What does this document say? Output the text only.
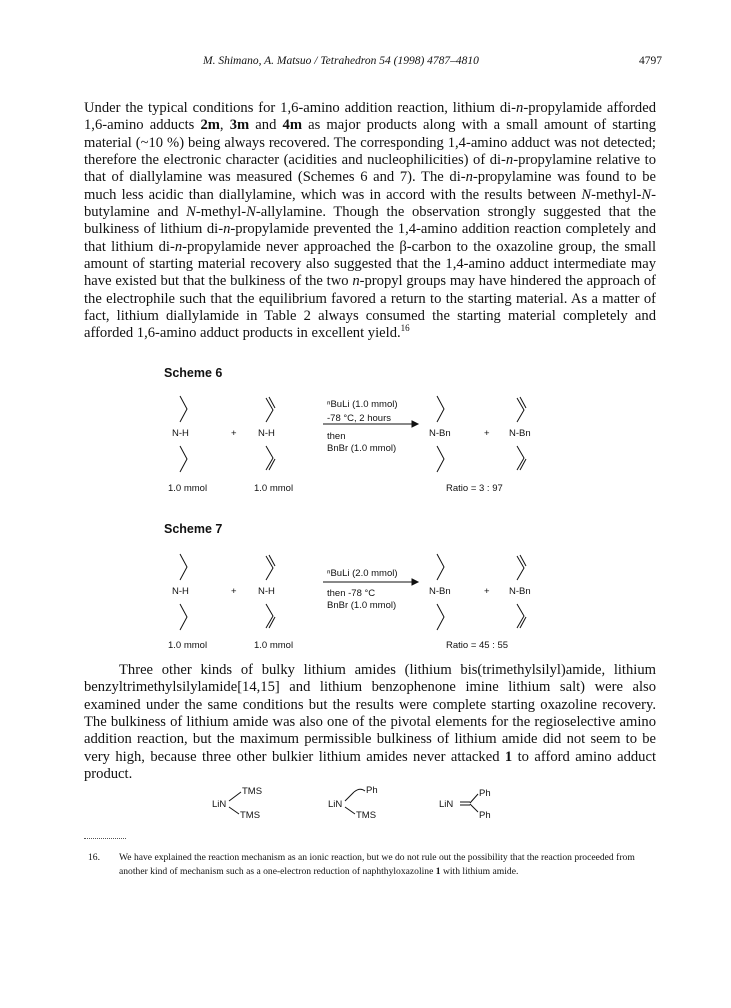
M. Shimano, A. Matsuo / Tetrahedron 54 (1998) 4787–4810	4797

Under the typical conditions for 1,6-amino addition reaction, lithium di-n-propylamide afforded 1,6-amino adducts 2m, 3m and 4m as major products along with a small amount of starting material (~10 %) being always recovered. The corresponding 1,4-amino adduct was not detected; therefore the electronic character (acidities and nucleophilicities) of di-n-propylamine relative to that of diallylamine was measured (Schemes 6 and 7). The di-n-propylamine was found to be much less acidic than diallylamine, which was in accord with the results between N-methyl-N-butylamine and N-methyl-N-allylamine. Though the observation strongly suggested that the bulkiness of lithium di-n-propylamide prevented the 1,4-amino addition reaction completely and that lithium di-n-propylamide never approached the β-carbon to the oxazoline group, the small amount of starting material recovery also suggested that the 1,4-amino adduct intermediate may have existed but that the bulkiness of the two n-propyl groups may have hindered the approach of the electrophile such that the equilibrium favored a return to the starting material. As a matter of fact, lithium diallylamide in Table 2 always consumed the starting material completely and afforded 1,6-amino adduct products in excellent yield.$^{16}$

Scheme 6
N-H	+ N-H
ⁿBuLi (1.0 mmol)
-78 °C, 2 hours
then
BnBr (1.0 mmol)
N-Bn	+ N-Bn
1.0 mmol	1.0 mmol	Ratio = 3 : 97
Scheme 7
N-H	+ N-H
ⁿBuLi (2.0 mmol)
then -78 °C
BnBr (1.0 mmol)
N-Bn	+ N-Bn
1.0 mmol	1.0 mmol	Ratio = 45 : 55
Three other kinds of bulky lithium amides (lithium bis(trimethylsilyl)amide, lithium benzyltrimethylsilylamide[14,15] and lithium benzophenone imine lithium salt) were also examined under the same conditions but the results were complete starting oxazoline recovery. The bulkiness of lithium amide was also one of the pivotal elements for the regioselective amino addition reaction, but the maximum permissible bulkiness of lithium amide did not seem to be very high, because three other bulkier lithium amides never attacked 1 to afford amino adduct product.
LiN
TMS
TMS
LiN
Ph
TMS
LiN
Ph
Ph
16. We have explained the reaction mechanism as an ionic reaction, but we do not rule out the possibility that the reaction proceeded from another kind of mechanism such as a one-electron reduction of naphthyloxazoline 1 with lithium amide.
